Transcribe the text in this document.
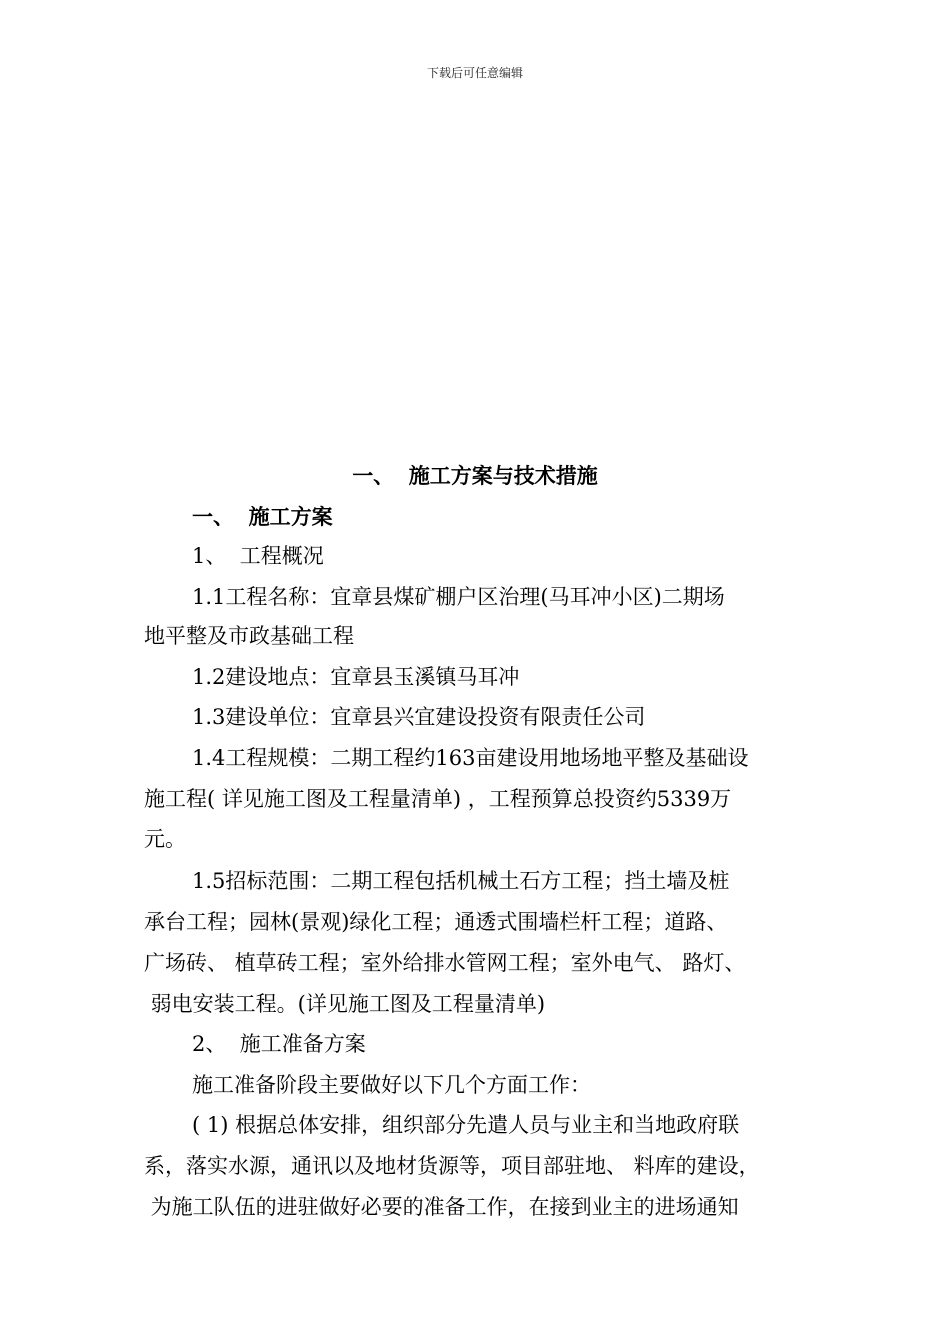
下载后可任意编辑
一、  施工方案与技术措施
一、  施工方案
1、  工程概况
1.1工程名称：宜章县煤矿棚户区治理(马耳冲小区)二期场
地平整及市政基础工程
1.2建设地点：宜章县玉溪镇马耳冲
1.3建设单位：宜章县兴宜建设投资有限责任公司
1.4工程规模：二期工程约163亩建设用地场地平整及基础设
施工程( 详见施工图及工程量清单) ，工程预算总投资约5339万
元。
1.5招标范围：二期工程包括机械土石方工程；挡土墙及桩
承台工程；园林(景观)绿化工程；通透式围墙栏杆工程；道路、
广场砖、 植草砖工程；室外给排水管网工程；室外电气、 路灯、
弱电安装工程。(详见施工图及工程量清单)
2、  施工准备方案
施工准备阶段主要做好以下几个方面工作：
( 1) 根据总体安排，组织部分先遣人员与业主和当地政府联
系，落实水源，通讯以及地材货源等，项目部驻地、 料库的建设，
为施工队伍的进驻做好必要的准备工作，在接到业主的进场通知
